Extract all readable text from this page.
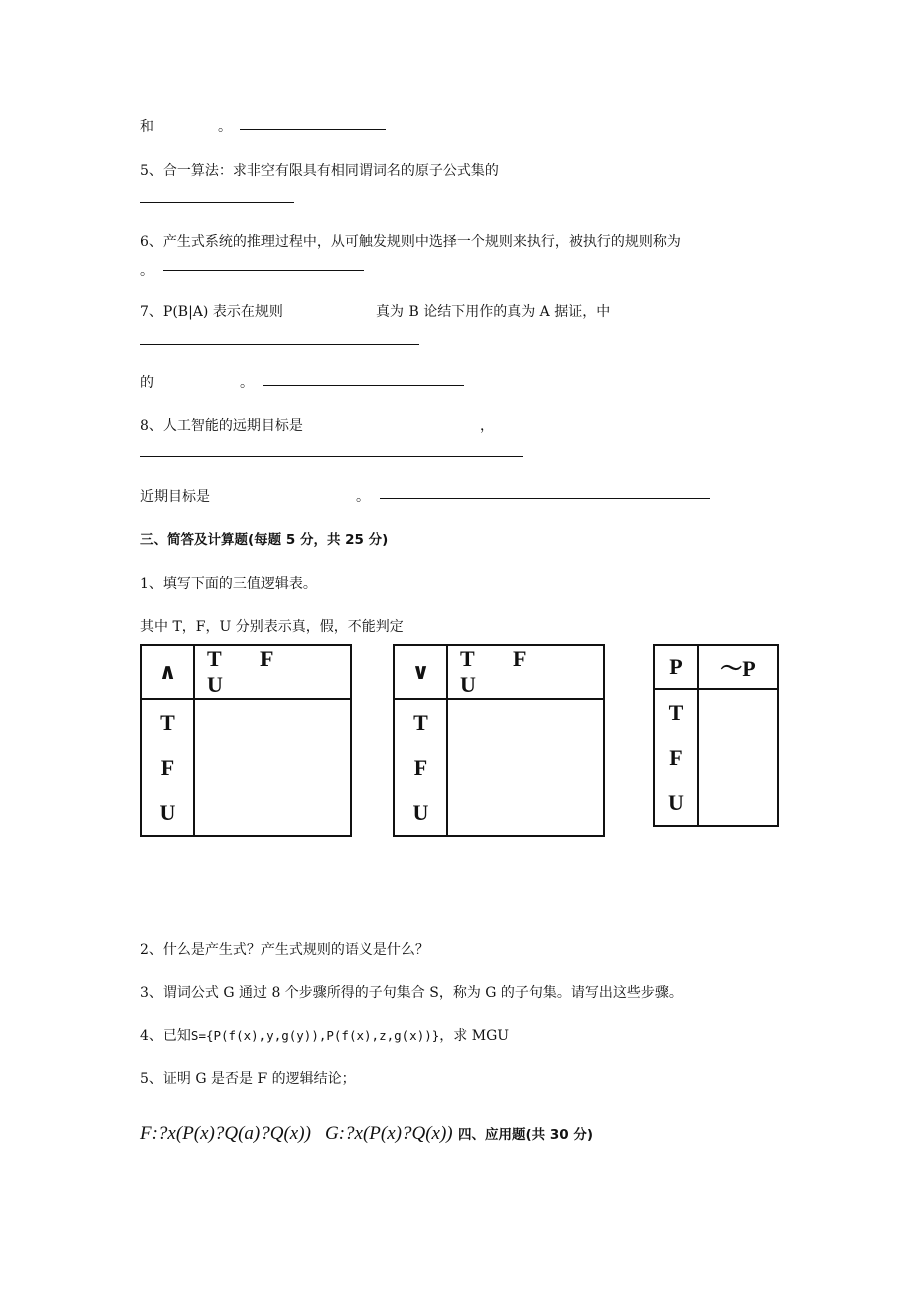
和	。
5、合一算法：求非空有限具有相同谓词名的原子公式集的
6、产生式系统的推理过程中，从可触发规则中选择一个规则来执行，被执行的规则称为
。
7、P(B|A) 表示在规则	真为 B 论结下用作的真为 A 据证，中
的	。
8、人工智能的远期目标是	，
近期目标是	。
三、简答及计算题(每题 5 分，共 25 分)
1、填写下面的三值逻辑表。
其中 T，F，U 分别表示真，假，不能判定
∧	T FU

T
F
U	

∨	T FU

T
F
U	

P	～P

T
F
U	

2、什么是产生式？产生式规则的语义是什么？
3、谓词公式 G 通过 8 个步骤所得的子句集合 S，称为 G 的子句集。请写出这些步骤。
4、已知S={P(f(x),y,g(y)),P(f(x),z,g(x))}，求 MGU
5、证明 G 是否是 F 的逻辑结论；
F:?x(P(x)?Q(a)?Q(x)) G:?x(P(x)?Q(x)) 四、应用题(共 30 分)
